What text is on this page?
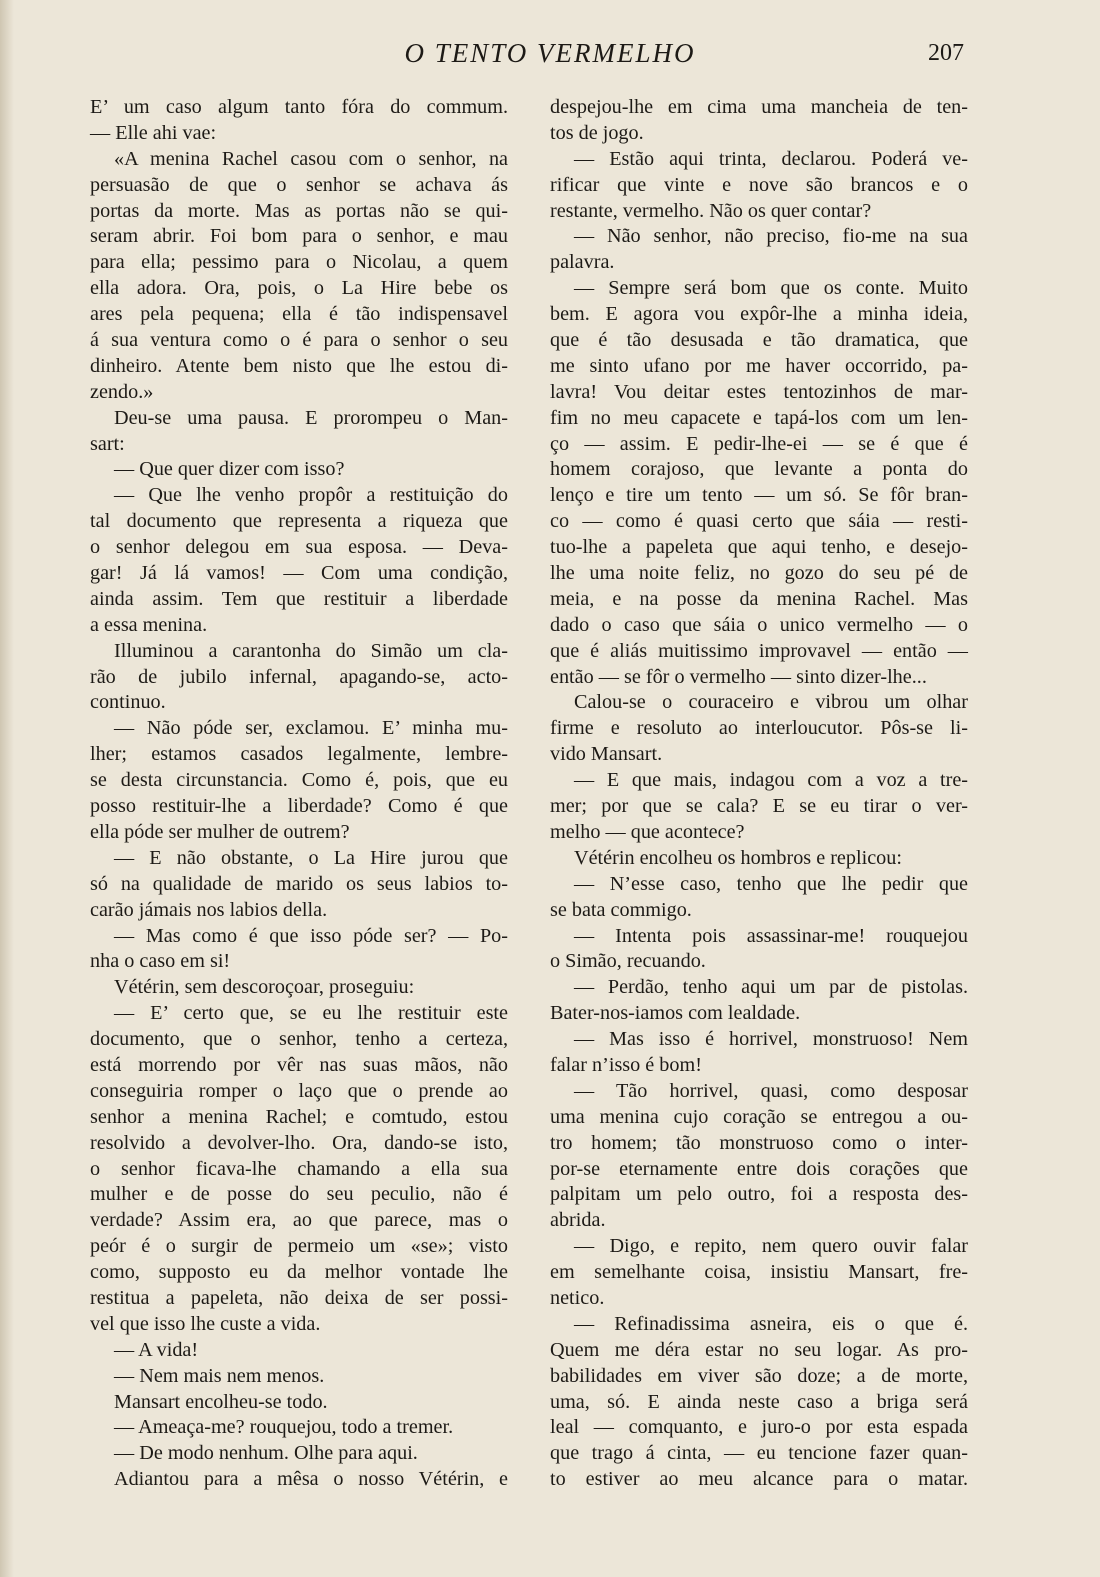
O TENTO VERMELHO	207
E’ um caso algum tanto fóra do commum.
— Elle ahi vae:
«A menina Rachel casou com o senhor, na
persuasão de que o senhor se achava ás
portas da morte. Mas as portas não se qui-
seram abrir. Foi bom para o senhor, e mau
para ella; pessimo para o Nicolau, a quem
ella adora. Ora, pois, o La Hire bebe os
ares pela pequena; ella é tão indispensavel
á sua ventura como o é para o senhor o seu
dinheiro. Atente bem nisto que lhe estou di-
zendo.»
Deu-se uma pausa. E prorompeu o Man-
sart:
— Que quer dizer com isso?
— Que lhe venho propôr a restituição do
tal documento que representa a riqueza que
o senhor delegou em sua esposa. — Deva-
gar! Já lá vamos! — Com uma condição,
ainda assim. Tem que restituir a liberdade
a essa menina.
Illuminou a carantonha do Simão um cla-
rão de jubilo infernal, apagando-se, acto-
continuo.
— Não póde ser, exclamou. E’ minha mu-
lher; estamos casados legalmente, lembre-
se desta circunstancia. Como é, pois, que eu
posso restituir-lhe a liberdade? Como é que
ella póde ser mulher de outrem?
— E não obstante, o La Hire jurou que
só na qualidade de marido os seus labios to-
carão jámais nos labios della.
— Mas como é que isso póde ser? — Po-
nha o caso em si!
Vétérin, sem descoroçoar, proseguiu:
— E’ certo que, se eu lhe restituir este
documento, que o senhor, tenho a certeza,
está morrendo por vêr nas suas mãos, não
conseguiria romper o laço que o prende ao
senhor a menina Rachel; e comtudo, estou
resolvido a devolver-lho. Ora, dando-se isto,
o senhor ficava-lhe chamando a ella sua
mulher e de posse do seu peculio, não é
verdade? Assim era, ao que parece, mas o
peór é o surgir de permeio um «se»; visto
como, supposto eu da melhor vontade lhe
restitua a papeleta, não deixa de ser possi-
vel que isso lhe custe a vida.
— A vida!
— Nem mais nem menos.
Mansart encolheu-se todo.
— Ameaça-me? rouquejou, todo a tremer.
— De modo nenhum. Olhe para aqui.
Adiantou para a mêsa o nosso Vétérin, e
despejou-lhe em cima uma mancheia de ten-
tos de jogo.
— Estão aqui trinta, declarou. Poderá ve-
rificar que vinte e nove são brancos e o
restante, vermelho. Não os quer contar?
— Não senhor, não preciso, fio-me na sua
palavra.
— Sempre será bom que os conte. Muito
bem. E agora vou expôr-lhe a minha ideia,
que é tão desusada e tão dramatica, que
me sinto ufano por me haver occorrido, pa-
lavra! Vou deitar estes tentozinhos de mar-
fim no meu capacete e tapá-los com um len-
ço — assim. E pedir-lhe-ei — se é que é
homem corajoso, que levante a ponta do
lenço e tire um tento — um só. Se fôr bran-
co — como é quasi certo que sáia — resti-
tuo-lhe a papeleta que aqui tenho, e desejo-
lhe uma noite feliz, no gozo do seu pé de
meia, e na posse da menina Rachel. Mas
dado o caso que sáia o unico vermelho — o
que é aliás muitissimo improvavel — então —
então — se fôr o vermelho — sinto dizer-lhe...
Calou-se o couraceiro e vibrou um olhar
firme e resoluto ao interloucutor. Pôs-se li-
vido Mansart.
— E que mais, indagou com a voz a tre-
mer; por que se cala? E se eu tirar o ver-
melho — que acontece?
Vétérin encolheu os hombros e replicou:
— N’esse caso, tenho que lhe pedir que
se bata commigo.
— Intenta pois assassinar-me! rouquejou
o Simão, recuando.
— Perdão, tenho aqui um par de pistolas.
Bater-nos-iamos com lealdade.
— Mas isso é horrivel, monstruoso! Nem
falar n’isso é bom!
— Tão horrivel, quasi, como desposar
uma menina cujo coração se entregou a ou-
tro homem; tão monstruoso como o inter-
por-se eternamente entre dois corações que
palpitam um pelo outro, foi a resposta des-
abrida.
— Digo, e repito, nem quero ouvir falar
em semelhante coisa, insistiu Mansart, fre-
netico.
— Refinadissima asneira, eis o que é.
Quem me déra estar no seu logar. As pro-
babilidades em viver são doze; a de morte,
uma, só. E ainda neste caso a briga será
leal — comquanto, e juro-o por esta espada
que trago á cinta, — eu tencione fazer quan-
to estiver ao meu alcance para o matar.
